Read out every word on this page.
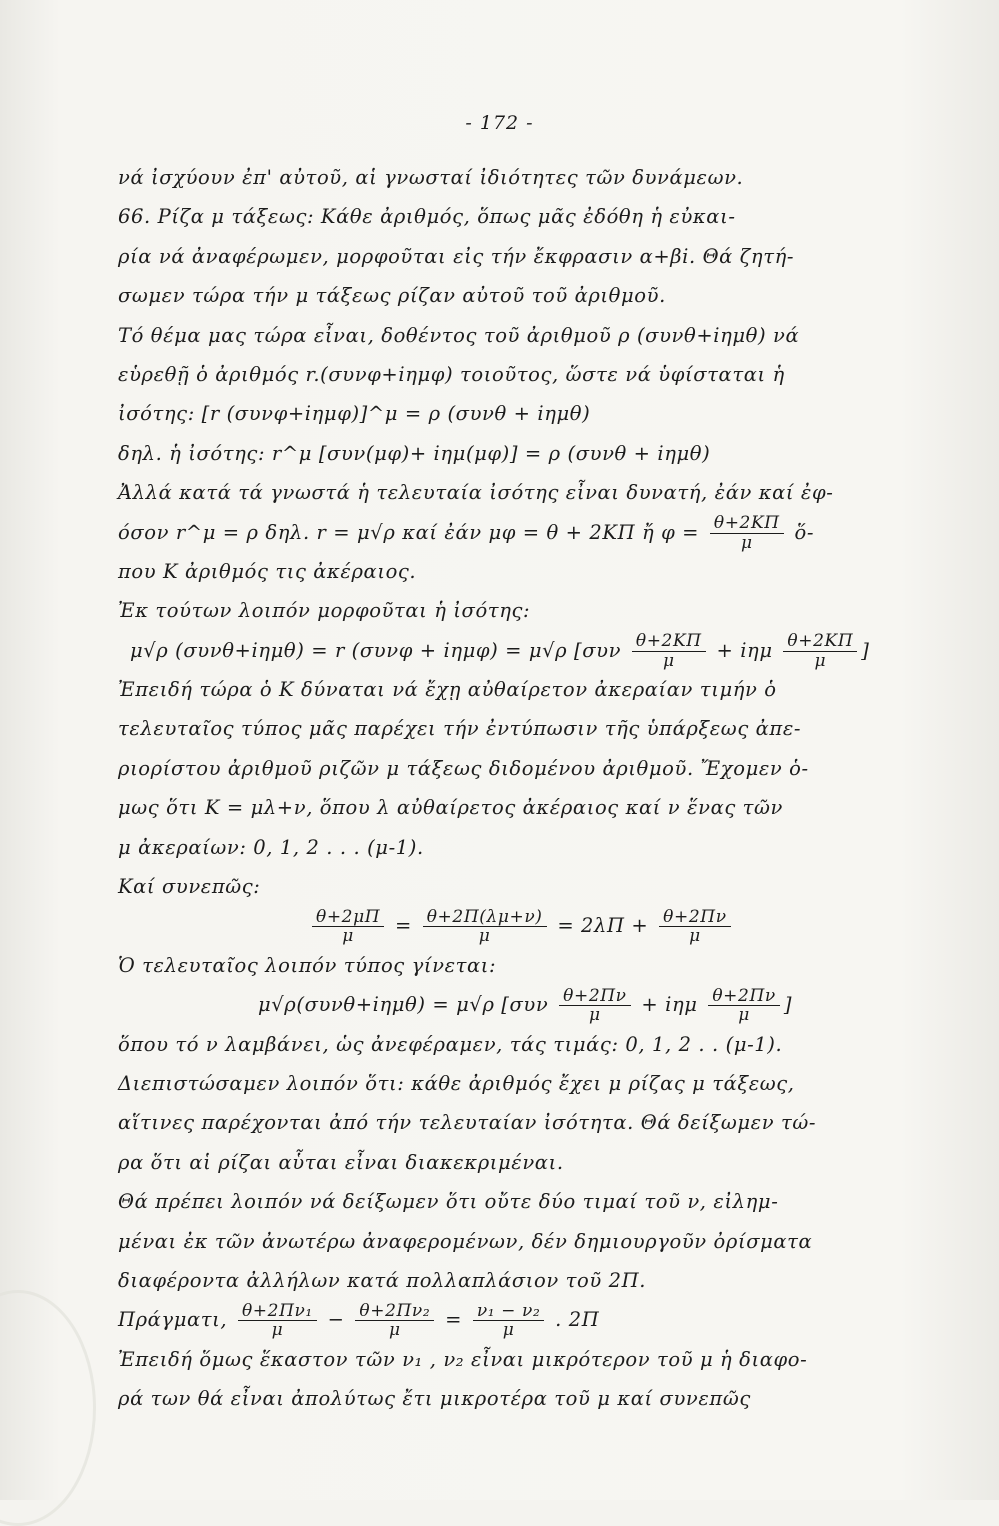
- 172 -
νά ἰσχύουν ἐπ' αὐτοῦ, αἱ γνωσταί ἰδιότητες τῶν δυνάμεων.
66. Ρίζα μ τάξεως: Κάθε ἀριθμός, ὅπως μᾶς ἐδόθη ἡ εὐκαι-
ρία νά ἀναφέρωμεν, μορφοῦται εἰς τήν ἔκφρασιν α+βi. Θά ζητή-
σωμεν τώρα τήν μ τάξεως ρίζαν αὐτοῦ τοῦ ἀριθμοῦ.
Τό θέμα μας τώρα εἶναι, δοθέντος τοῦ ἀριθμοῦ ρ (συνθ+iημθ) νά
εὑρεθῇ ὁ ἀριθμός r.(συνφ+iημφ) τοιοῦτος, ὥστε νά ὑφίσταται ἡ
ἰσότης: [r (συνφ+iημφ)]^μ = ρ (συνθ + iημθ)
δηλ. ἡ ἰσότης: r^μ [συν(μφ)+ iημ(μφ)] = ρ (συνθ + iημθ)
Ἀλλά κατά τά γνωστά ἡ τελευταία ἰσότης εἶναι δυνατή, ἐάν καί ἐφ-
όσον r^μ = ρ δηλ. r = μ√ρ καί ἐάν μφ = θ + 2ΚΠ ἤ $\varphi = \frac{\theta+2K\Pi}{\mu}$ ὅ-
που Κ ἀριθμός τις ἀκέραιος.
Ἐκ τούτων λοιπόν μορφοῦται ἡ ἰσότης:
μ√ρ (συνθ+iημθ) = r (συνφ + iημφ) = μ√ρ [$\sigma\upsilon\nu \frac{\theta+2K\Pi}{\mu} + i\eta\mu \frac{\theta+2K\Pi}{\mu}$ ]
Ἐπειδή τώρα ὁ Κ δύναται νά ἔχῃ αὐθαίρετον ἀκεραίαν τιμήν ὁ
τελευταῖος τύπος μᾶς παρέχει τήν ἐντύπωσιν τῆς ὑπάρξεως ἀπε-
ριορίστου ἀριθμοῦ ριζῶν μ τάξεως διδομένου ἀριθμοῦ. Ἔχομεν ὁ-
μως ὅτι Κ = μλ+ν, ὅπου λ αὐθαίρετος ἀκέραιος καί ν ἕνας τῶν
μ ἀκεραίων: 0, 1, 2 . . . (μ-1).
Καί συνεπῶς:
$\frac{\theta+2\mu\Pi}{\mu} = \frac{\theta+2\Pi(\lambda\mu+\nu)}{\mu} = 2\lambda\Pi + \frac{\theta+2\Pi\nu}{\mu}$
Ὁ τελευταῖος λοιπόν τύπος γίνεται:
μ√ρ(συνθ+iημθ) = μ√ρ [$\sigma\upsilon\nu \frac{\theta+2\Pi\nu}{\mu} + i\eta\mu \frac{\theta+2\Pi\nu}{\mu}$ ]
ὅπου τό ν λαμβάνει, ὡς ἀνεφέραμεν, τάς τιμάς: 0, 1, 2 . . (μ-1).
Διεπιστώσαμεν λοιπόν ὅτι: κάθε ἀριθμός ἔχει μ ρίζας μ τάξεως,
αἵτινες παρέχονται ἀπό τήν τελευταίαν ἰσότητα. Θά δείξωμεν τώ-
ρα ὅτι αἱ ρίζαι αὗται εἶναι διακεκριμέναι.
Θά πρέπει λοιπόν νά δείξωμεν ὅτι οὔτε δύο τιμαί τοῦ ν, εἰλημ-
μέναι ἐκ τῶν ἀνωτέρω ἀναφερομένων, δέν δημιουργοῦν ὀρίσματα
διαφέροντα ἀλλήλων κατά πολλαπλάσιον τοῦ 2Π.
Πράγματι, $\frac{\text{θ+2Πν₁}}{\mu} - \frac{\text{θ+2Πν₂}}{\mu} = \frac{\text{ν₁ − ν₂}}{\mu}$ . 2Π
Ἐπειδή ὅμως ἕκαστον τῶν ν₁ , ν₂ εἶναι μικρότερον τοῦ μ ἡ διαφο-
ρά των θά εἶναι ἀπολύτως ἔτι μικροτέρα τοῦ μ καί συνεπῶς
